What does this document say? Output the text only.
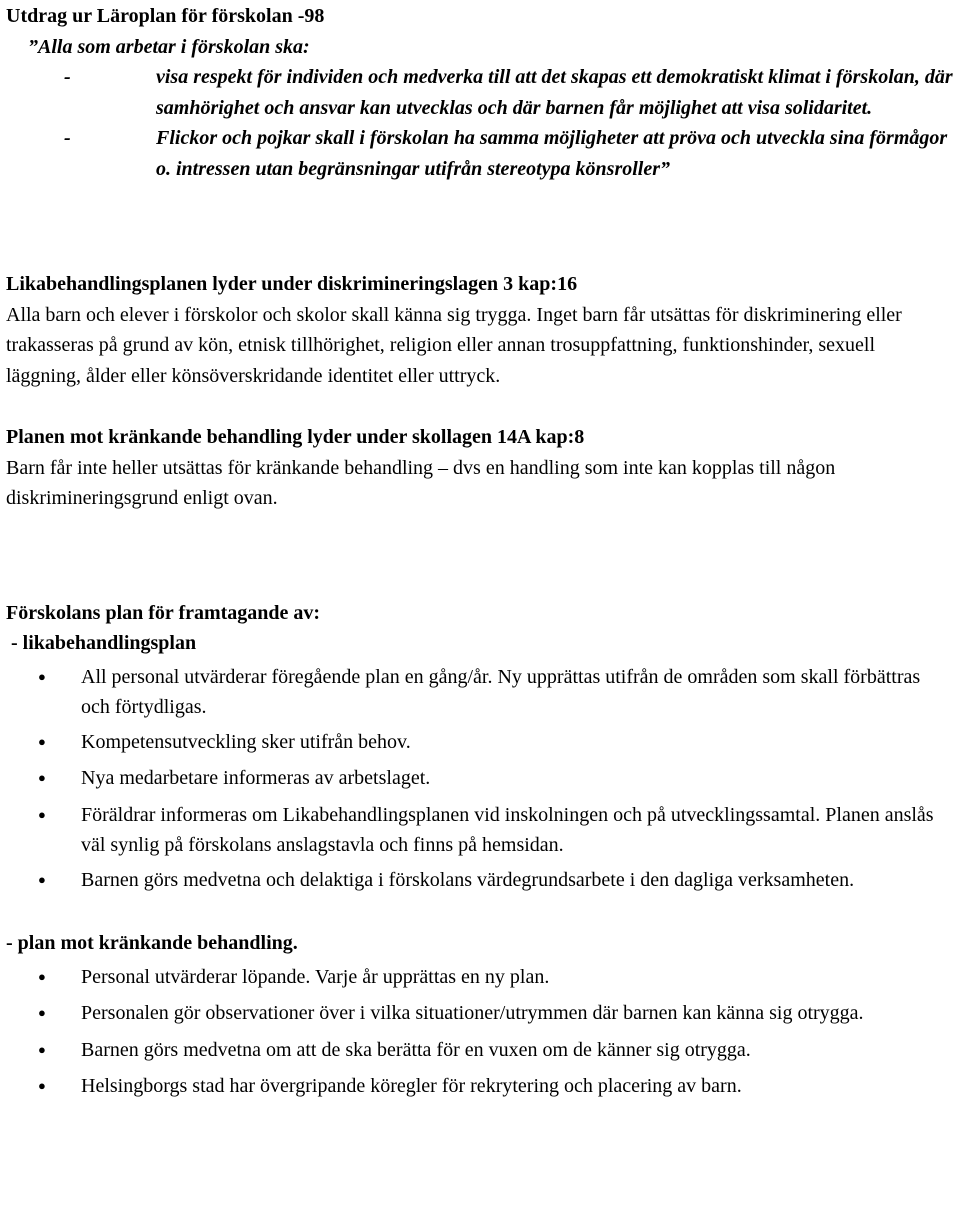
Utdrag ur Läroplan för förskolan -98

”Alla som arbetar i förskolan ska:

-	visa respekt för individen och medverka till att det skapas ett demokratiskt klimat i förskolan, där samhörighet och ansvar kan utvecklas och där barnen får möjlighet att visa solidaritet.
-	Flickor och pojkar skall i förskolan ha samma möjligheter att pröva och utveckla sina förmågor o. intressen utan begränsningar utifrån stereotypa könsroller”

Likabehandlingsplanen lyder under diskrimineringslagen 3 kap:16

Alla barn och elever i förskolor och skolor skall känna sig trygga. Inget barn får utsättas för diskriminering eller trakasseras på grund av kön, etnisk tillhörighet, religion eller annan trosuppfattning, funktionshinder, sexuell läggning, ålder eller könsöverskridande identitet eller uttryck.

Planen mot kränkande behandling lyder under skollagen 14A kap:8

Barn får inte heller utsättas för kränkande behandling – dvs en handling som inte kan kopplas till någon diskrimineringsgrund enligt ovan.

Förskolans plan för framtagande av:

- likabehandlingsplan

●
All personal utvärderar föregående plan en gång/år. Ny upprättas utifrån de områden som skall förbättras och förtydligas.
●
Kompetensutveckling sker utifrån behov.
●
Nya medarbetare informeras av arbetslaget.
●
Föräldrar informeras om Likabehandlingsplanen vid inskolningen och på utvecklingssamtal. Planen anslås väl synlig på förskolans anslagstavla och finns på hemsidan.
●
Barnen görs medvetna och delaktiga i förskolans värdegrundsarbete i den dagliga verksamheten.

- plan mot kränkande behandling.

●
Personal utvärderar löpande. Varje år upprättas en ny plan.
●
Personalen gör observationer över i vilka situationer/utrymmen där barnen kan känna sig otrygga.
●
Barnen görs medvetna om att de ska berätta för en vuxen om de känner sig otrygga.
●
Helsingborgs stad har övergripande köregler för rekrytering och placering av barn.
